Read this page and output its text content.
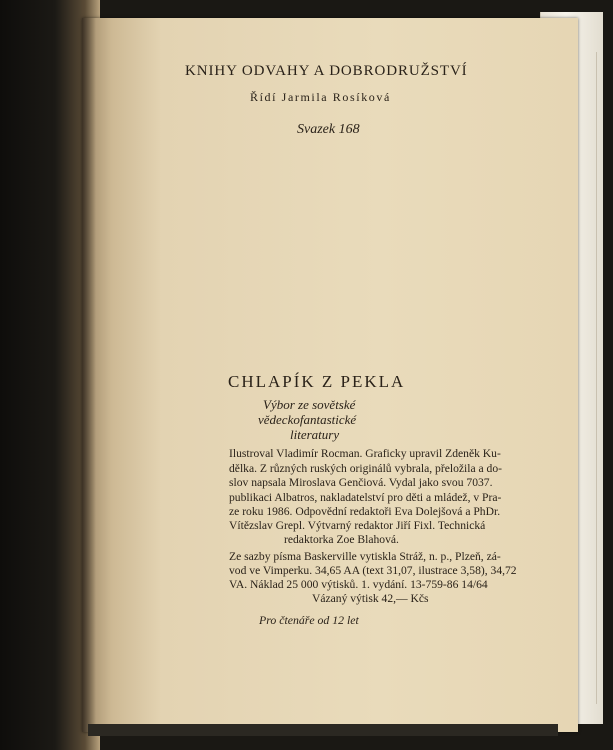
KNIHY ODVAHY A DOBRODRUŽSTVÍ
Řídí Jarmila Rosíková
Svazek 168
CHLAPÍK Z PEKLA
Výbor ze sovětské
vědeckofantastické
literatury
Ilustroval Vladimír Rocman. Graficky upravil Zdeněk Ku-
dělka. Z různých ruských originálů vybrala, přeložila a do-
slov napsala Miroslava Genčiová. Vydal jako svou 7037.
publikaci Albatros, nakladatelství pro děti a mládež, v Pra-
ze roku 1986. Odpovědní redaktoři Eva Dolejšová a PhDr.
Vítězslav Grepl. Výtvarný redaktor Jiří Fixl. Technická
redaktorka Zoe Blahová.
Ze sazby písma Baskerville vytiskla Stráž, n. p., Plzeň, zá-
vod ve Vimperku. 34,65 AA (text 31,07, ilustrace 3,58), 34,72
VA. Náklad 25 000 výtisků. 1. vydání. 13-759-86 14/64
Vázaný výtisk 42,— Kčs
Pro čtenáře od 12 let
